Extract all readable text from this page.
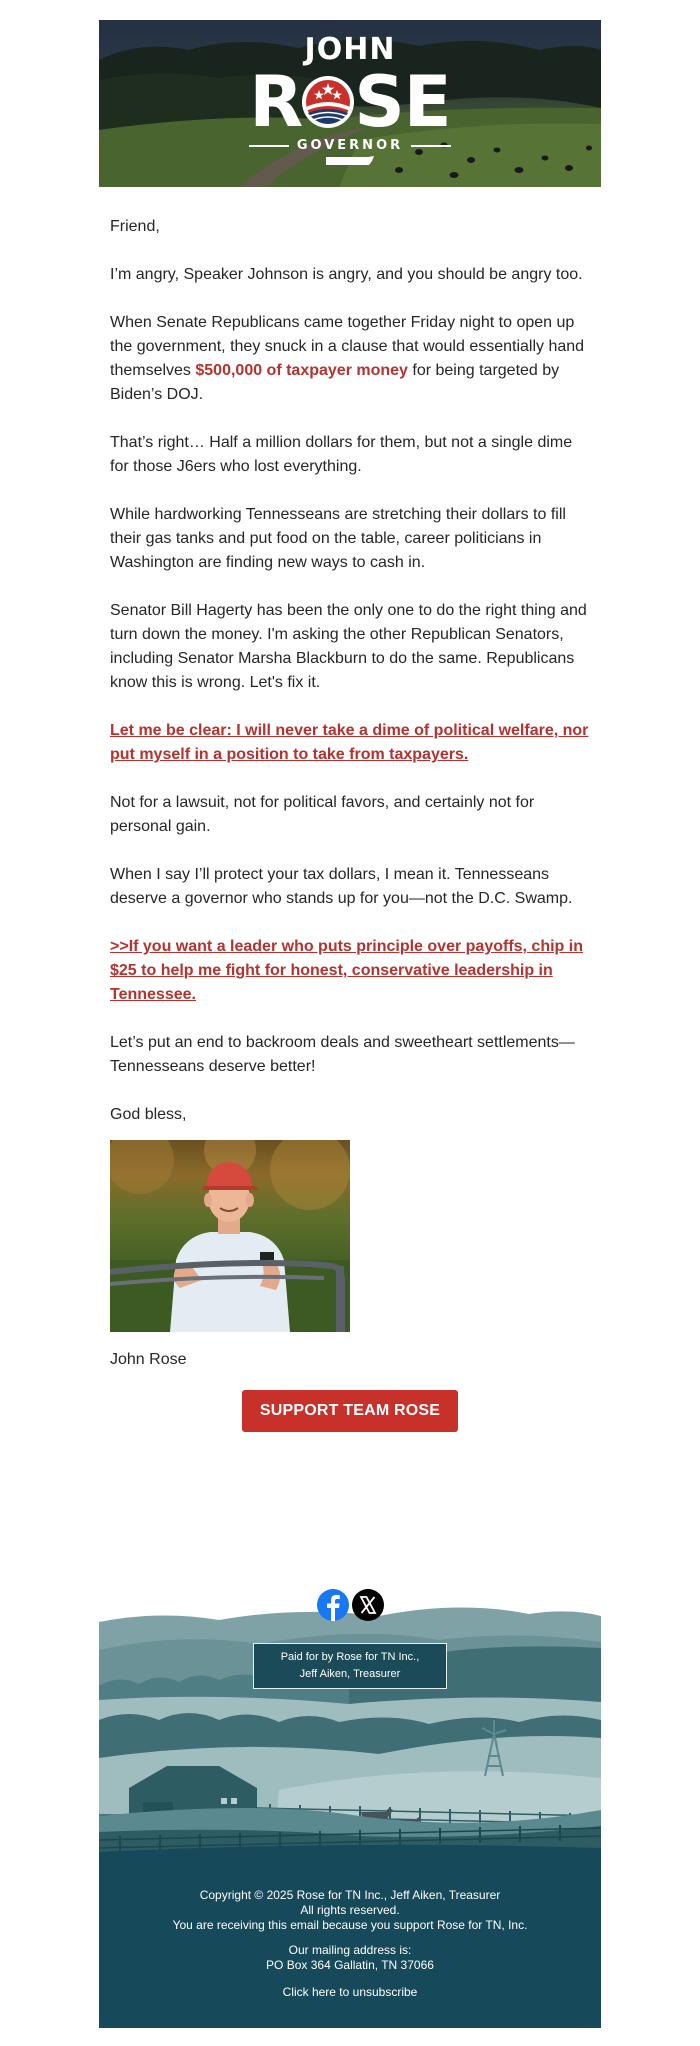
JOHN
R SE
GOVERNOR

Friend,

I’m angry, Speaker Johnson is angry, and you should be angry too.

When Senate Republicans came together Friday night to open up the government, they snuck in a clause that would essentially hand themselves $500,000 of taxpayer money for being targeted by Biden’s DOJ.

That’s right… Half a million dollars for them, but not a single dime for those J6ers who lost everything.

While hardworking Tennesseans are stretching their dollars to fill their gas tanks and put food on the table, career politicians in Washington are finding new ways to cash in.

Senator Bill Hagerty has been the only one to do the right thing and turn down the money. I'm asking the other Republican Senators, including Senator Marsha Blackburn to do the same. Republicans know this is wrong. Let's fix it.

Let me be clear: I will never take a dime of political welfare, nor put myself in a position to take from taxpayers.

Not for a lawsuit, not for political favors, and certainly not for personal gain.

When I say I’ll protect your tax dollars, I mean it. Tennesseans deserve a governor who stands up for you—not the D.C. Swamp.

>>If you want a leader who puts principle over payoffs, chip in $25 to help me fight for honest, conservative leadership in Tennessee.

Let’s put an end to backroom deals and sweetheart settlements—Tennesseans deserve better!

God bless,

John Rose

SUPPORT TEAM ROSE
Paid for by Rose for TN Inc.,
Jeff Aiken, Treasurer

Copyright © 2025 Rose for TN Inc., Jeff Aiken, Treasurer

All rights reserved.

You are receiving this email because you support Rose for TN, Inc.

Our mailing address is:

PO Box 364 Gallatin, TN 37066

Click here to unsubscribe
